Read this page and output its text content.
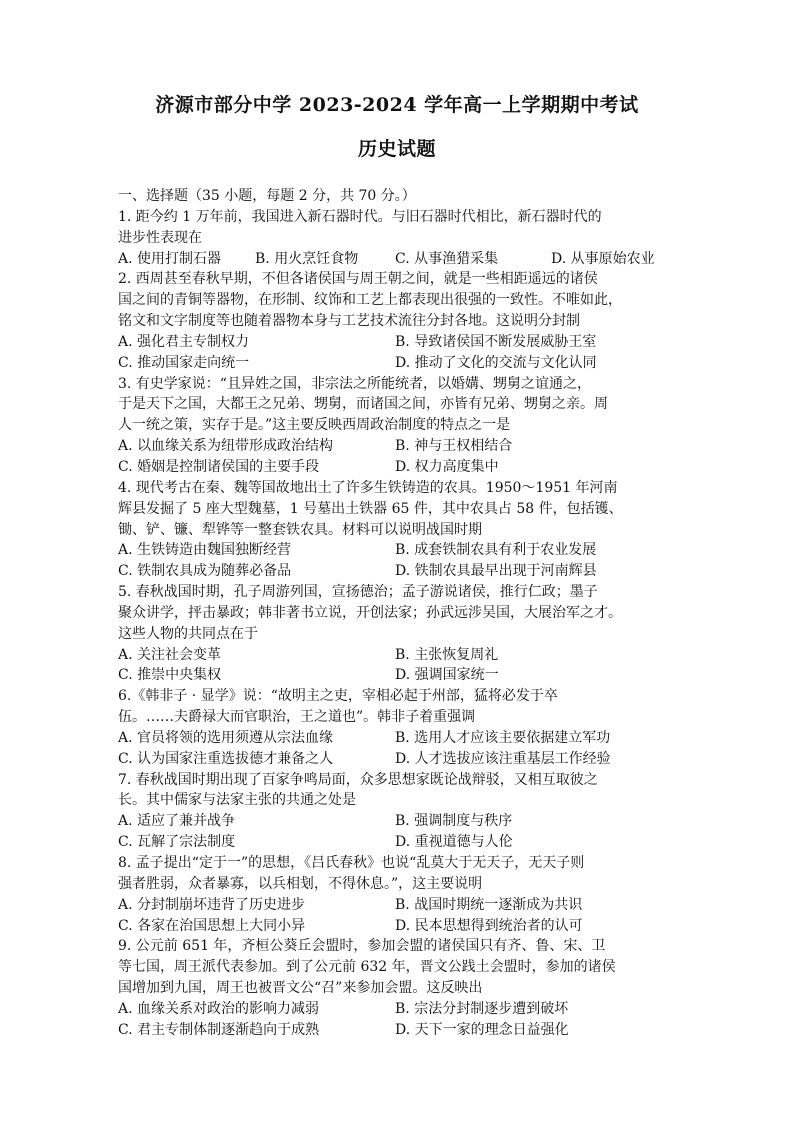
济源市部分中学 2023-2024 学年高一上学期期中考试
历史试题
一、选择题（35 小题，每题 2 分，共 70 分。）
1. 距今约 1 万年前，我国进入新石器时代。与旧石器时代相比，新石器时代的
进步性表现在
A. 使用打制石器	B. 用火烹饪食物	C. 从事渔猎采集	D. 从事原始农业
2. 西周甚至春秋早期，不但各诸侯国与周王朝之间，就是一些相距遥远的诸侯
国之间的青铜等器物，在形制、纹饰和工艺上都表现出很强的一致性。不唯如此，
铭文和文字制度等也随着器物本身与工艺技术流往分封各地。这说明分封制
A. 强化君主专制权力	B. 导致诸侯国不断发展威胁王室
C. 推动国家走向统一	D. 推动了文化的交流与文化认同
3. 有史学家说：“且异姓之国，非宗法之所能统者，以婚媾、甥舅之谊通之，
于是天下之国，大都王之兄弟、甥舅，而诸国之间，亦皆有兄弟、甥舅之亲。周
人一统之策，实存于是。”这主要反映西周政治制度的特点之一是
A. 以血缘关系为纽带形成政治结构	B. 神与王权相结合
C. 婚姻是控制诸侯国的主要手段	D. 权力高度集中
4. 现代考古在秦、魏等国故地出土了许多生铁铸造的农具。1950～1951 年河南
辉县发掘了 5 座大型魏墓，1 号墓出土铁器 65 件，其中农具占 58 件，包括镬、
锄、铲、镰、犁铧等一整套铁农具。材料可以说明战国时期
A. 生铁铸造由魏国独断经营	B. 成套铁制农具有利于农业发展
C. 铁制农具成为随葬必备品	D. 铁制农具最早出现于河南辉县
5. 春秋战国时期，孔子周游列国，宣扬德治；孟子游说诸侯，推行仁政；墨子
聚众讲学，抨击暴政；韩非著书立说，开创法家；孙武远涉吴国，大展治军之才。
这些人物的共同点在于
A. 关注社会变革	B. 主张恢复周礼
C. 推崇中央集权	D. 强调国家统一
6.《韩非子 · 显学》说：“故明主之吏，宰相必起于州部，猛将必发于卒
伍。……夫爵禄大而官职治，王之道也”。韩非子着重强调
A. 官员将领的选用须遵从宗法血缘	B. 选用人才应该主要依据建立军功
C. 认为国家注重选拔德才兼备之人	D. 人才选拔应该注重基层工作经验
7. 春秋战国时期出现了百家争鸣局面，众多思想家既论战辩驳，又相互取彼之
长。其中儒家与法家主张的共通之处是
A. 适应了兼并战争	B. 强调制度与秩序
C. 瓦解了宗法制度	D. 重视道德与人伦
8. 孟子提出“定于一”的思想，《吕氏春秋》也说“乱莫大于无天子，无天子则
强者胜弱，众者暴寡，以兵相刬，不得休息。”，这主要说明
A. 分封制崩坏违背了历史进步	B. 战国时期统一逐渐成为共识
C. 各家在治国思想上大同小异	D. 民本思想得到统治者的认可
9. 公元前 651 年，齐桓公葵丘会盟时，参加会盟的诸侯国只有齐、鲁、宋、卫
等七国，周王派代表参加。到了公元前 632 年，晋文公践土会盟时，参加的诸侯
国增加到九国，周王也被晋文公“召”来参加会盟。这反映出
A. 血缘关系对政治的影响力减弱	B. 宗法分封制逐步遭到破坏
C. 君主专制体制逐渐趋向于成熟	D. 天下一家的理念日益强化
